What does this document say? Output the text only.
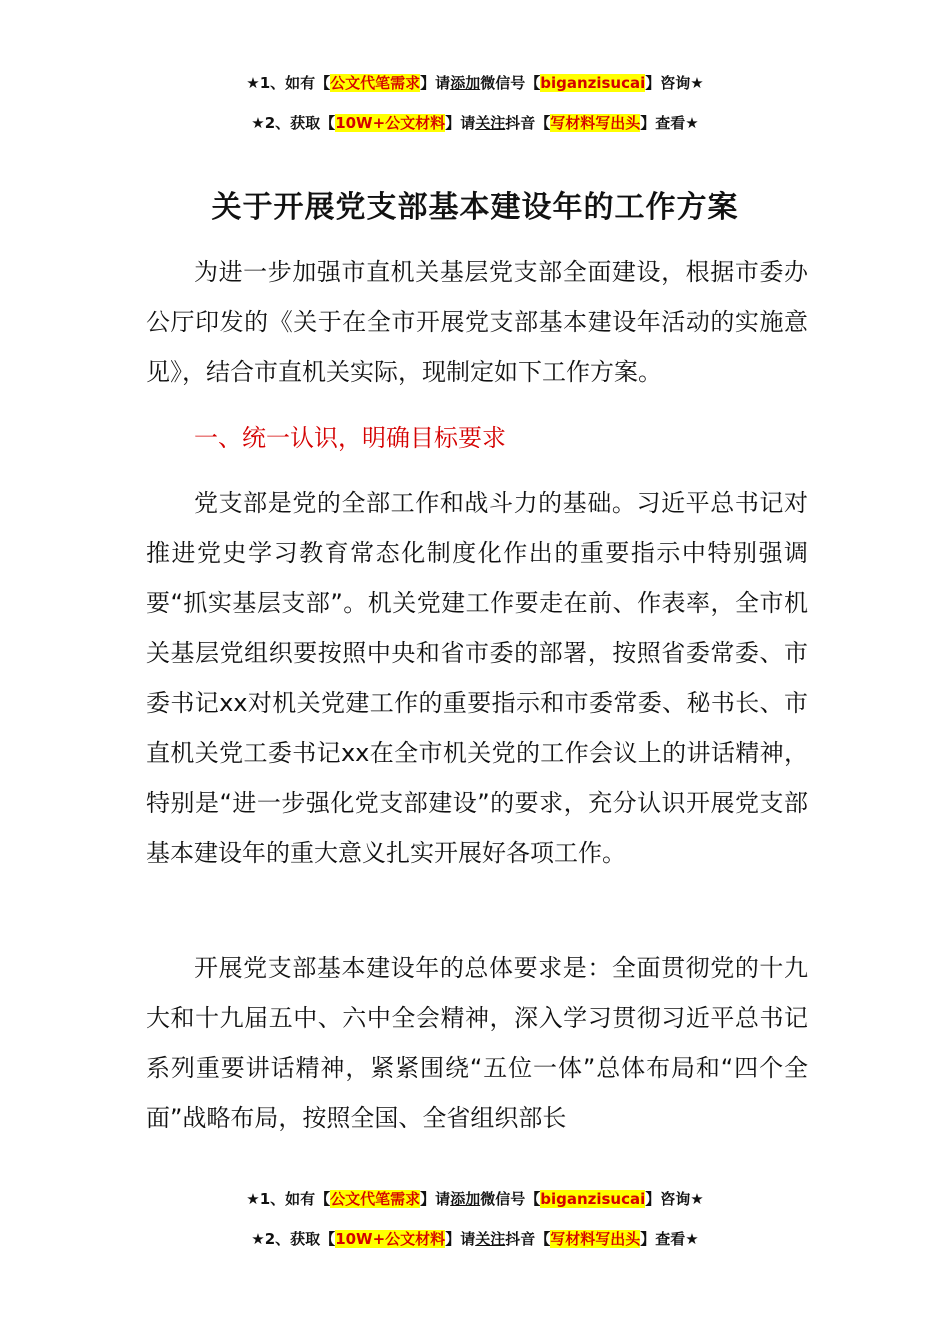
★1、如有【公文代笔需求】请添加微信号【biganzisucai】咨询★
★2、获取【10W+公文材料】请关注抖音【写材料写出头】查看★
关于开展党支部基本建设年的工作方案

为进一步加强市直机关基层党支部全面建设，根据市委办公厅印发的《关于在全市开展党支部基本建设年活动的实施意见》，结合市直机关实际，现制定如下工作方案。

一、统一认识，明确目标要求

党支部是党的全部工作和战斗力的基础。习近平总书记对推进党史学习教育常态化制度化作出的重要指示中特别强调要“抓实基层支部”。机关党建工作要走在前、作表率，全市机关基层党组织要按照中央和省市委的部署，按照省委常委、市委书记xx对机关党建工作的重要指示和市委常委、秘书长、市直机关党工委书记xx在全市机关党的工作会议上的讲话精神，特别是“进一步强化党支部建设”的要求，充分认识开展党支部基本建设年的重大意义扎实开展好各项工作。

开展党支部基本建设年的总体要求是：全面贯彻党的十九大和十九届五中、六中全会精神，深入学习贯彻习近平总书记系列重要讲话精神，紧紧围绕“五位一体”总体布局和“四个全面”战略布局，按照全国、全省组织部长

★1、如有【公文代笔需求】请添加微信号【biganzisucai】咨询★
★2、获取【10W+公文材料】请关注抖音【写材料写出头】查看★
